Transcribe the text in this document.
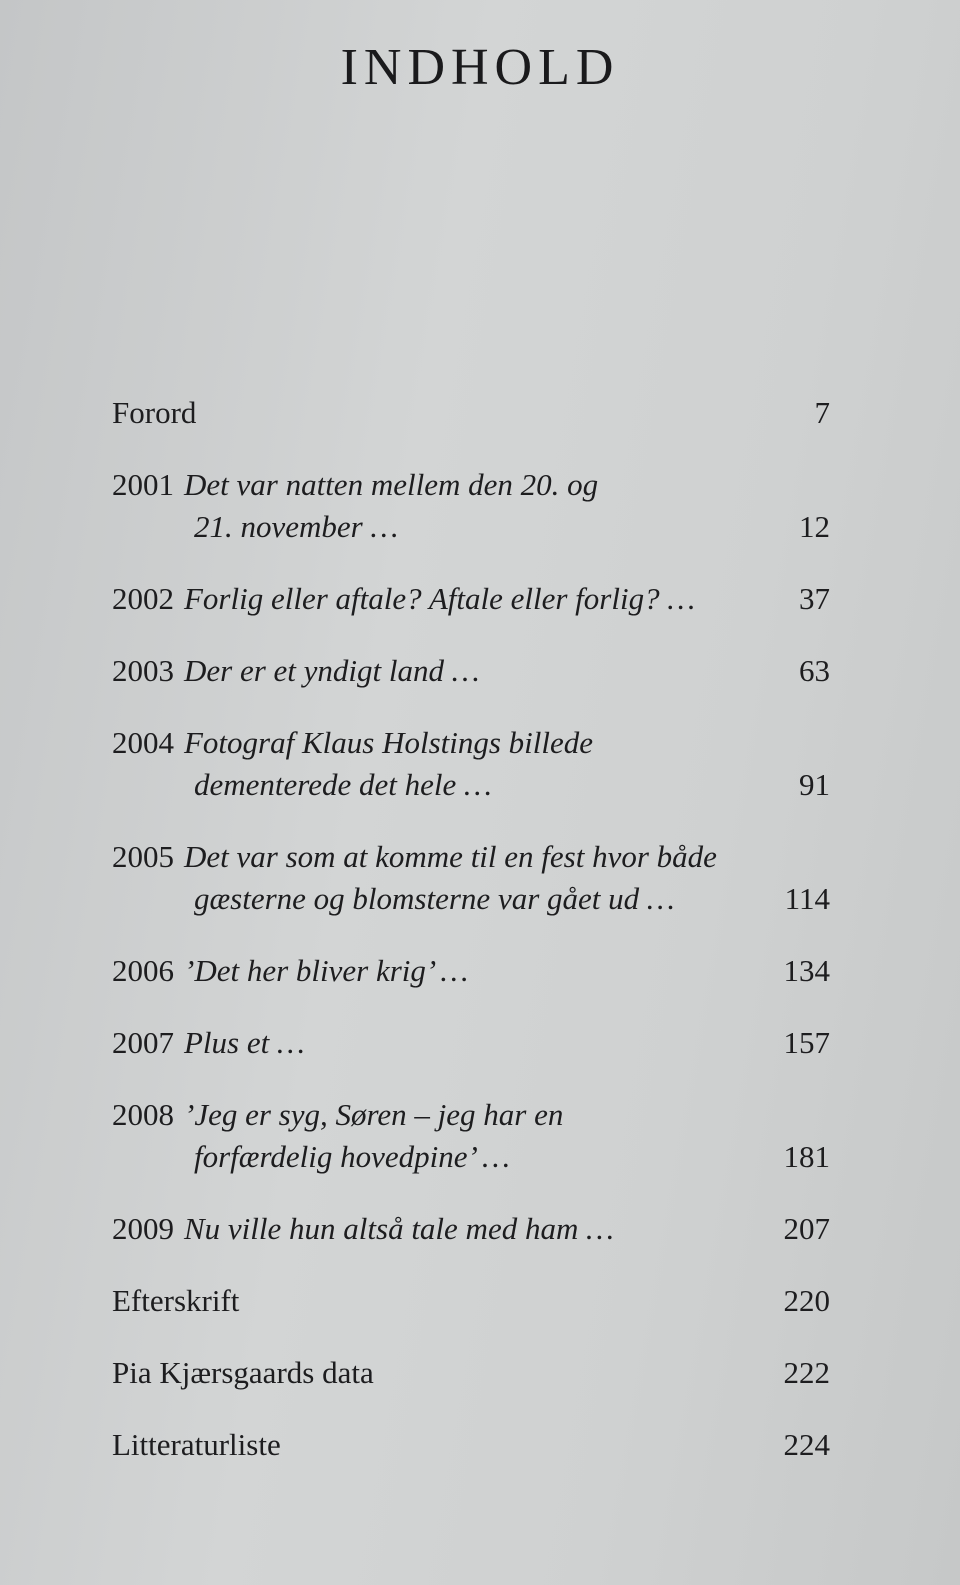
INDHOLD
Forord	7
2001 Det var natten mellem den 20. og
21. november …	12
2002 Forlig eller aftale? Aftale eller forlig? …	37
2003 Der er et yndigt land …	63
2004 Fotograf Klaus Holstings billede
dementerede det hele …	91
2005 Det var som at komme til en fest hvor både
gæsterne og blomsterne var gået ud …	114
2006 ’Det her bliver krig’ …	134
2007 Plus et …	157
2008 ’Jeg er syg, Søren – jeg har en
forfærdelig hovedpine’ …	181
2009 Nu ville hun altså tale med ham …	207
Efterskrift	220
Pia Kjærsgaards data	222
Litteraturliste	224
